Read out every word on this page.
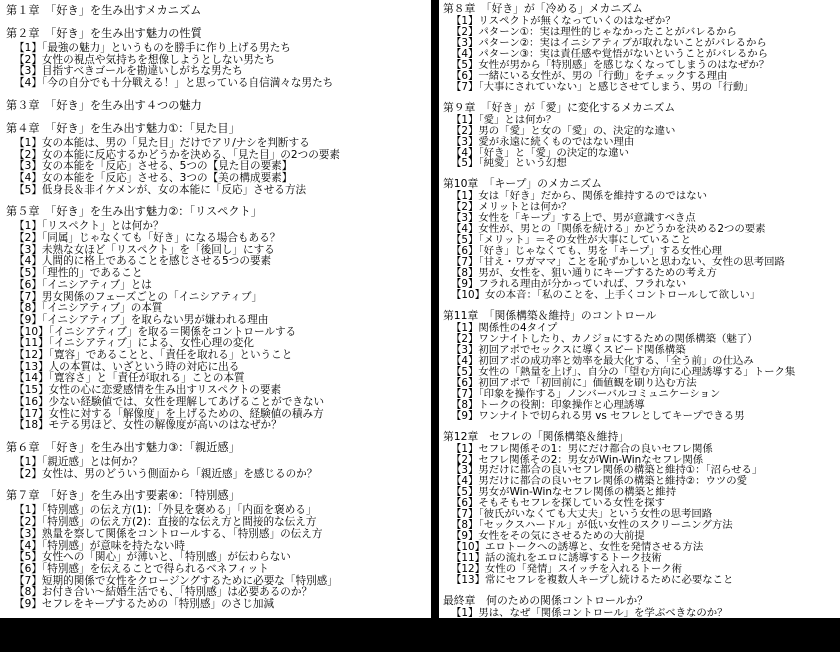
第１章　「好き」を生み出すメカニズム
第２章　「好き」を生み出す魅力の性質
【1】「最強の魅力」というものを勝手に作り上げる男たち
【2】女性の視点や気持ちを想像しようとしない男たち
【3】目指すべきゴールを勘違いしがちな男たち
【4】「今の自分でも十分戦える！」と思っている自信満々な男たち
第３章　「好き」を生み出す４つの魅力
第４章　「好き」を生み出す魅力①：「見た目」
【1】女の本能は、男の「見た目」だけでアリ/ナシを判断する
【2】女の本能に反応するかどうかを決める、「見た目」の2つの要素
【3】女の本能を「反応」させる、5つの【見た目の要素】
【4】女の本能を「反応」させる、3つの【美の構成要素】
【5】低身長＆非イケメンが、女の本能に「反応」させる方法
第５章　「好き」を生み出す魅力②：「リスペクト」
【1】「リスペクト」とは何か？
【2】「同属」じゃなくても「好き」になる場合もある？
【3】未熟な女ほど「リスペクト」を「後回し」にする
【4】人間的に格上であることを感じさせる5つの要素
【5】「理性的」であること
【6】「イニシアティブ」とは
【7】男女関係のフェーズごとの「イニシアティブ」
【8】「イニシアティブ」の本質
【9】「イニシアティブ」を取らない男が嫌われる理由
【10】「イニシアティブ」を取る＝関係をコントロールする
【11】「イニシアティブ」による、女性心理の変化
【12】「寛容」であることと、「責任を取れる」ということ
【13】人の本質は、いざという時の対応に出る
【14】「寛容さ」と「責任が取れる」ことの本質
【15】女性の心に恋愛感情を生み出すリスペクトの要素
【16】少ない経験値では、女性を理解してあげることができない
【17】女性に対する「解像度」を上げるための、経験値の積み方
【18】モテる男ほど、女性の解像度が高いのはなぜか？
第６章　「好き」を生み出す魅力③：「親近感」
【1】「親近感」とは何か？
【2】女性は、男のどういう側面から「親近感」を感じるのか？
第７章　「好き」を生み出す要素④：「特別感」
【1】「特別感」の伝え方(1)：「外見を褒める」「内面を褒める」
【2】「特別感」の伝え方(2)：直接的な伝え方と間接的な伝え方
【3】熟量を察して関係をコントロールする、「特別感」の伝え方
【4】「特別感」が意味を持たない時
【5】女性への「関心」が薄いと、「特別感」が伝わらない
【6】「特別感」を伝えることで得られるベネフィット
【7】短期的関係で女性をクロージングするために必要な「特別感」
【8】お付き合い〜結婚生活でも、「特別感」は必要あるのか？
【9】セフレをキープするための「特別感」のさじ加減
第８章　「好き」が「冷める」メカニズム
【1】リスペクトが無くなっていくのはなぜか？
【2】パターン①：実は理性的じゃなかったことがバレるから
【3】パターン②：実はイニシアティブが取れないことがバレるから
【4】パターン③：実は責任感や覚悟がないということがバレるから
【5】女性が男から「特別感」を感じなくなってしまうのはなぜか？
【6】一緒にいる女性が、男の「行動」をチェックする理由
【7】「大事にされていない」と感じさせてしまう、男の「行動」
第９章　「好き」が「愛」に変化するメカニズム
【1】「愛」とは何か？
【2】男の「愛」と女の「愛」の、決定的な違い
【3】愛が永遠に続くものではない理由
【4】「好き」と「愛」の決定的な違い
【5】「純愛」という幻想
第10章　「キープ」のメカニズム
【1】女は「好き」だから、関係を維持するのではない
【2】メリットとは何か？
【3】女性を「キープ」する上で、男が意識すべき点
【4】女性が、男との「関係を続ける」かどうかを決める2つの要素
【5】「メリット」＝その女性が大事にしていること
【6】「好き」じゃなくても、男を「キープ」する女性心理
【7】「甘え・ワガママ」ことを恥ずかしいと思わない、女性の思考回路
【8】男が、女性を、狙い通りにキープするための考え方
【9】フラれる理由が分かっていれば、フラれない
【10】女の本音：「私のことを、上手くコントロールして欲しい」
第11章　「関係構築＆維持」のコントロール
【1】関係性の4タイプ
【2】ワンナイトしたり、カノジョにするための関係構築（魅了）
【3】初回アポでセックスに導くスピード関係構築
【4】初回アポの成功率と効率を最大化する、「全う前」の仕込み
【5】女性の「熱量を上げ」、自分の「望む方向に心理誘導する」トーク集
【6】初回アポで「初回前に」価値観を刷り込む方法
【7】「印象を操作する」ノンバーバルコミュニケーション
【8】トークの役割：印象操作と心理誘導
【9】ワンナイトで切られる男 vs セフレとしてキープできる男
第12章　セフレの「関係構築＆維持」
【1】セフレ関係その1：男にだけ都合の良いセフレ関係
【2】セフレ関係その2：男女がWin-Winなセフレ関係
【3】男だけに都合の良いセフレ関係の構築と維持①：「沼らせる」
【4】男だけに都合の良いセフレ関係の構築と維持②：ウツの愛
【5】男女がWin-Winなセフレ関係の構築と維持
【6】そもそもセフレを探している女性を探す
【7】「彼氏がいなくても大丈夫」という女性の思考回路
【8】「セックスハードル」が低い女性のスクリーニング方法
【9】女性をその気にさせるための大前提
【10】エロトークへの誘導と、女性を発情させる方法
【11】話の流れをエロに誘導するトーク技術
【12】女性の「発情」スイッチを入れるトーク術
【13】常にセフレを複数人キープし続けるために必要なこと
最終章　何のための関係コントロールか？
【1】男は、なぜ「関係コントロール」を学ぶべきなのか？
【2】「カノジョ」や「結婚」で幸せになれるのか？
【3】カノジョや奥さんと「幸せ」になる唯一の方法
【4】女性を幸せにし、自分も幸せになるための考え方
